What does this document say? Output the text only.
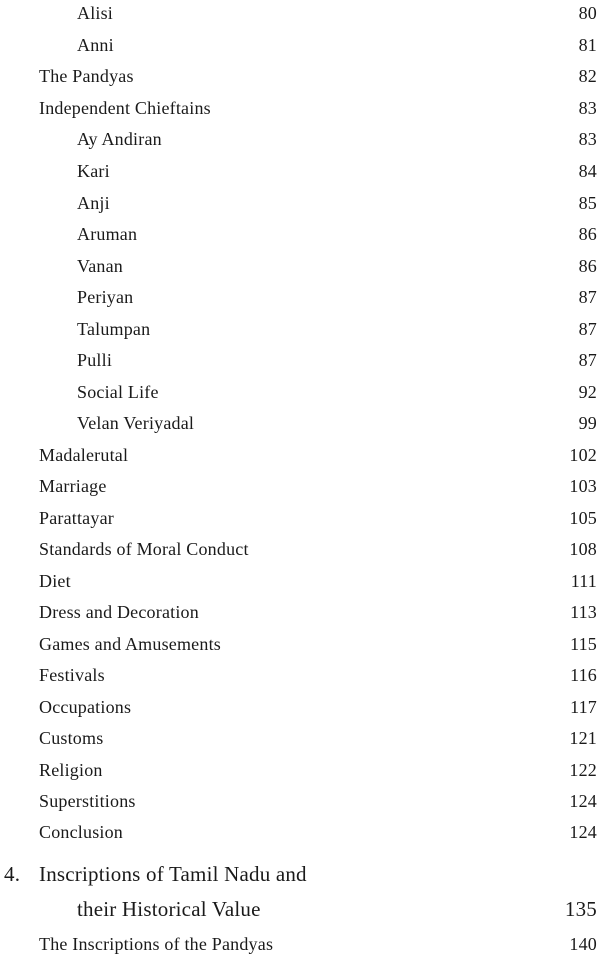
Alisi	80
Anni	81
The Pandyas	82
Independent Chieftains	83
Ay Andiran	83
Kari	84
Anji	85
Aruman	86
Vanan	86
Periyan	87
Talumpan	87
Pulli	87
Social Life	92
Velan Veriyadal	99
Madalerutal	102
Marriage	103
Parattayar	105
Standards of Moral Conduct	108
Diet	111
Dress and Decoration	113
Games and Amusements	115
Festivals	116
Occupations	117
Customs	121
Religion	122
Superstitions	124
Conclusion	124
4. Inscriptions of Tamil Nadu and
their Historical Value	135
The Inscriptions of the Pandyas	140
